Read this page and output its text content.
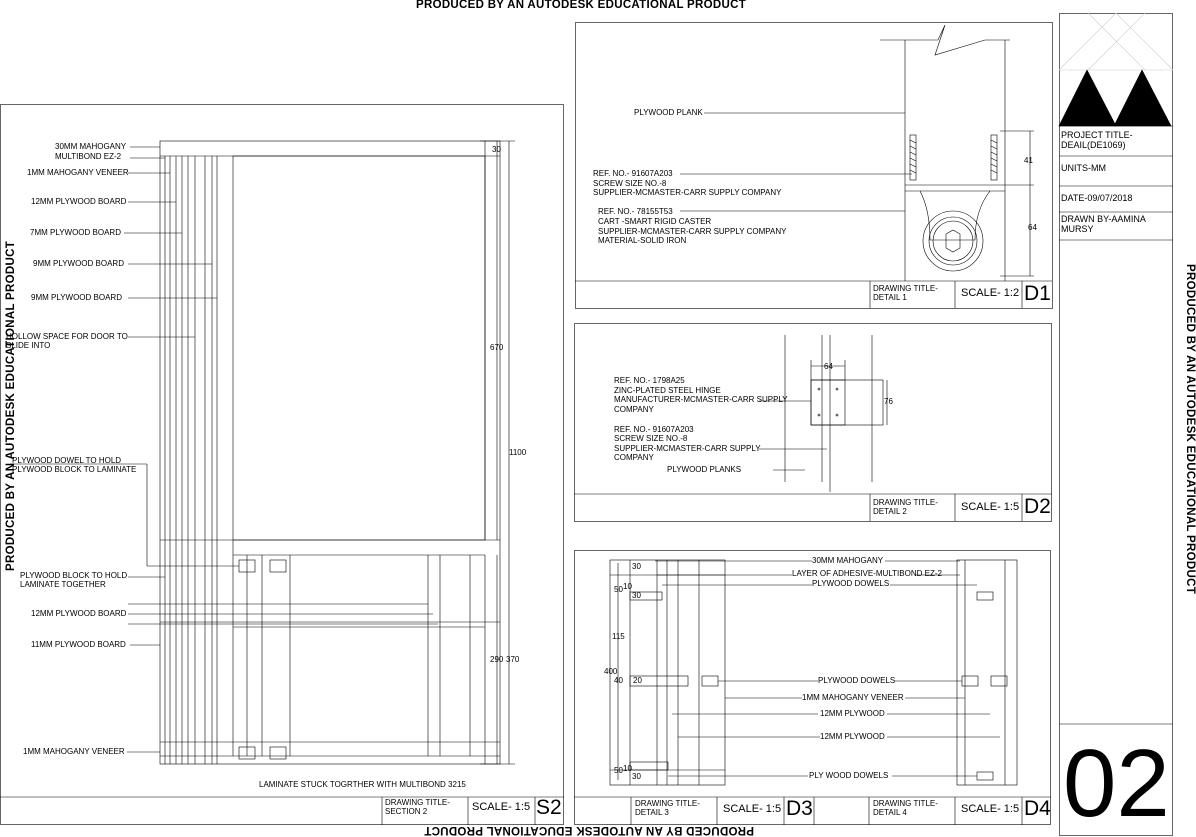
PRODUCED BY AN AUTODESK EDUCATIONAL PRODUCT
PRODUCED BY AN AUTODESK EDUCATIONAL PRODUCT
PRODUCED BY AN AUTODESK EDUCATIONAL PRODUCT	PRODUCED BY AN AUTODESK EDUCATIONAL PRODUCT
DRAWING TITLE-
SECTION 2	SCALE- 1:5 S2
DRAWING TITLE-
DETAIL 1	SCALE- 1:2 D1
DRAWING TITLE-
DETAIL 2	SCALE- 1:5 D2
DRAWING TITLE-
DETAIL 3	SCALE- 1:5 D3	DRAWING TITLE-
DETAIL 4	SCALE- 1:5 D4
30MM MAHOGANY
MULTIBOND EZ-2
1MM MAHOGANY VENEER
12MM PLYWOOD BOARD
7MM PLYWOOD BOARD
9MM PLYWOOD BOARD
9MM PLYWOOD BOARD
HOLLOW SPACE FOR DOOR TO
SLIDE INTO
PLYWOOD DOWEL TO HOLD
PLYWOOD BLOCK TO LAMINATE
PLYWOOD BLOCK TO HOLD
LAMINATE TOGETHER
12MM PLYWOOD BOARD
11MM PLYWOOD BOARD
1MM MAHOGANY VENEER
LAMINATE STUCK TOGRTHER WITH MULTIBOND 3215
30
670
1100
290 370
PLYWOOD PLANK
REF. NO.- 91607A203
SCREW SIZE NO.-8
SUPPLIER-MCMASTER-CARR SUPPLY COMPANY
REF. NO.- 78155T53
CART -SMART RIGID CASTER
SUPPLIER-MCMASTER-CARR SUPPLY COMPANY
MATERIAL-SOLID IRON
41
64
REF. NO.- 1798A25
ZINC-PLATED STEEL HINGE
MANUFACTURER-MCMASTER-CARR SUPPLY
COMPANY
REF. NO.- 91607A203
SCREW SIZE NO.-8
SUPPLIER-MCMASTER-CARR SUPPLY
COMPANY
PLYWOOD PLANKS
64
76
30MM MAHOGANY
LAYER OF ADHESIVE-MULTIBOND EZ-2
PLYWOOD DOWELS
PLYWOOD DOWELS
1MM MAHOGANY VENEER
12MM PLYWOOD
12MM PLYWOOD
PLY WOOD DOWELS
30
50 10
30
115
400
40 20
50 10
30
PROJECT TITLE-
DEAIL(DE1069)
UNITS-MM
DATE-09/07/2018
DRAWN BY-AAMINA
MURSY
02
